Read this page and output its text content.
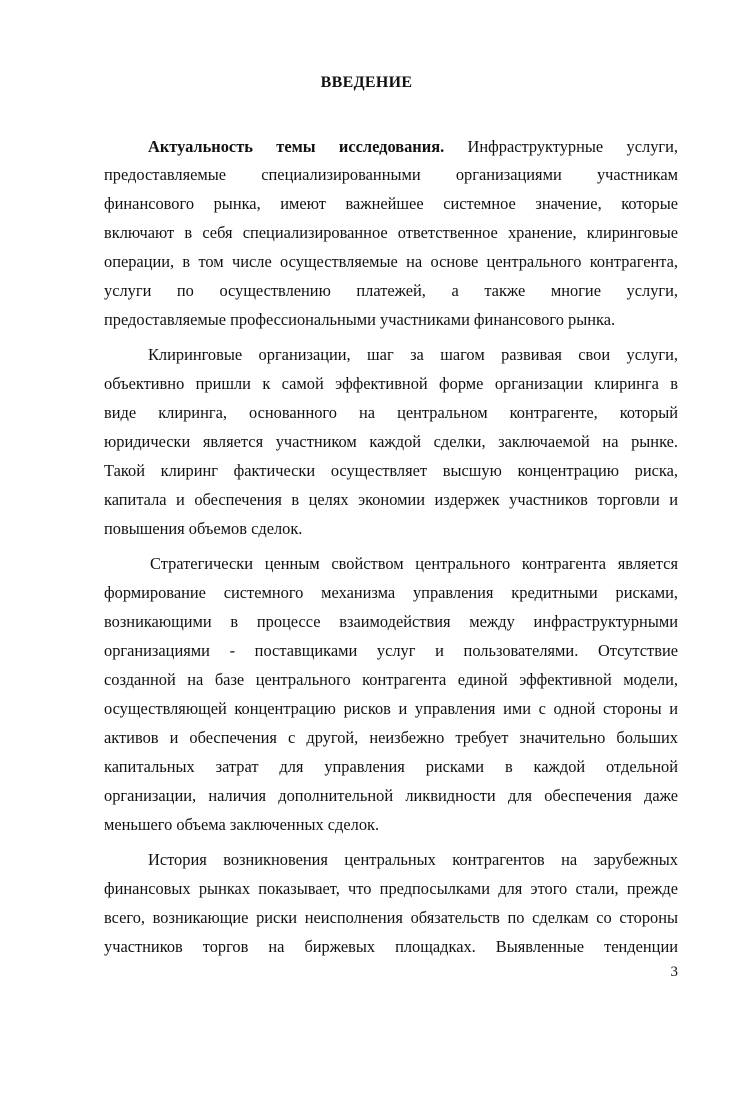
ВВЕДЕНИЕ

Актуальность темы исследования. Инфраструктурные услуги,

предоставляемые специализированными организациями участникам

финансового рынка, имеют важнейшее системное значение, которые

включают в себя специализированное ответственное хранение, клиринговые

операции, в том числе осуществляемые на основе центрального контрагента,

услуги по осуществлению платежей, а также многие услуги,

предоставляемые профессиональными участниками финансового рынка.

Клиринговые организации, шаг за шагом развивая свои услуги,

объективно пришли к самой эффективной форме организации клиринга в

виде клиринга, основанного на центральном контрагенте, который

юридически является участником каждой сделки, заключаемой на рынке.

Такой клиринг фактически осуществляет высшую концентрацию риска,

капитала и обеспечения в целях экономии издержек участников торговли и

повышения объемов сделок.

Стратегически ценным свойством центрального контрагента является

формирование системного механизма управления кредитными рисками,

возникающими в процессе взаимодействия между инфраструктурными

организациями - поставщиками услуг и пользователями. Отсутствие

созданной на базе центрального контрагента единой эффективной модели,

осуществляющей концентрацию рисков и управления ими с одной стороны и

активов и обеспечения с другой, неизбежно требует значительно больших

капитальных затрат для управления рисками в каждой отдельной

организации, наличия дополнительной ликвидности для обеспечения даже

меньшего объема заключенных сделок.

История возникновения центральных контрагентов на зарубежных

финансовых рынках показывает, что предпосылками для этого стали, прежде

всего, возникающие риски неисполнения обязательств по сделкам со стороны

участников торгов на биржевых площадках. Выявленные тенденции

3
